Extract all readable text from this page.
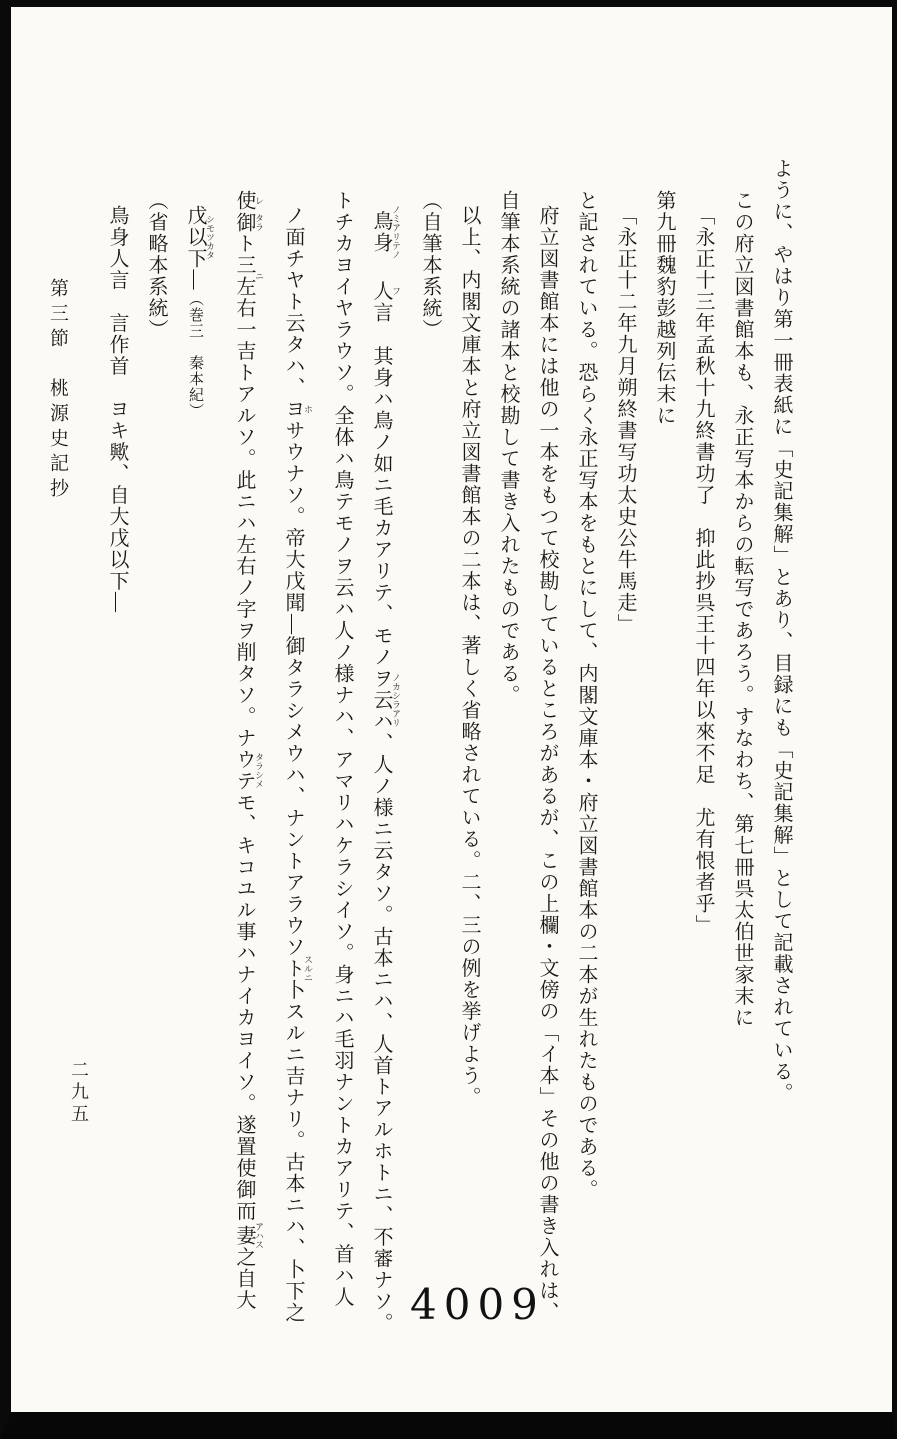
ように、やはり第一冊表紙に「史記集解」とあり、目録にも「史記集解」として記載されている。
この府立図書館本も、永正写本からの転写であろう。すなわち、第七冊呉太伯世家末に
「永正十三年孟秋十九終書功了　抑此抄呉王十四年以來不足　尤有恨者乎」
第九冊魏豹彭越列伝末に
「永正十二年九月朔終書写功太史公牛馬走」
と記されている。恐らく永正写本をもとにして、内閣文庫本・府立図書館本の二本が生れたものである。
府立図書館本には他の一本をもつて校勘しているところがあるが、この上欄・文傍の「イ本」その他の書き入れは、
自筆本系統の諸本と校勘して書き入れたものである。
以上、内閣文庫本と府立図書館本の二本は、著しく省略されている。二、三の例を挙げよう。
（自筆本系統）
鳥身 ノミアリテノ　人言 フ　其身ハ鳥ノ如ニ毛カアリテ、モノヲ云ハ、人ノ様ニ云タソ。古本ニハ、人首 ノカシラアリトアルホトニ、不審ナソ。
トチカヨイヤラウソ。全体ハ鳥テモノヲ云ハ人ノ様ナハ、アマリハケラシイソ。身ニハ毛羽ナントカアリテ、首ハ人
ノ面チヤト云タハ、ヨサウナソ。帝大戊聞 ホ―御タラシメウハ、ナントアラウソト卜スルニ吉ナリ。古本ニハ、卜下之 スルニ
使 レ御 タラト三左右 ニ一吉トアルソ。此ニハ左右ノ字ヲ削タソ。ナウテモ、キコユル事ハナイカヨイソ。遂置使御而 タラシメ妻 アハス之自大
戊以下 シモツカタ―（巻三　秦本紀）
（省略本系統）
鳥身人言　言作首　ヨキ歟、自大戊以下―
第三節　桃源史記抄
二九五
4009
